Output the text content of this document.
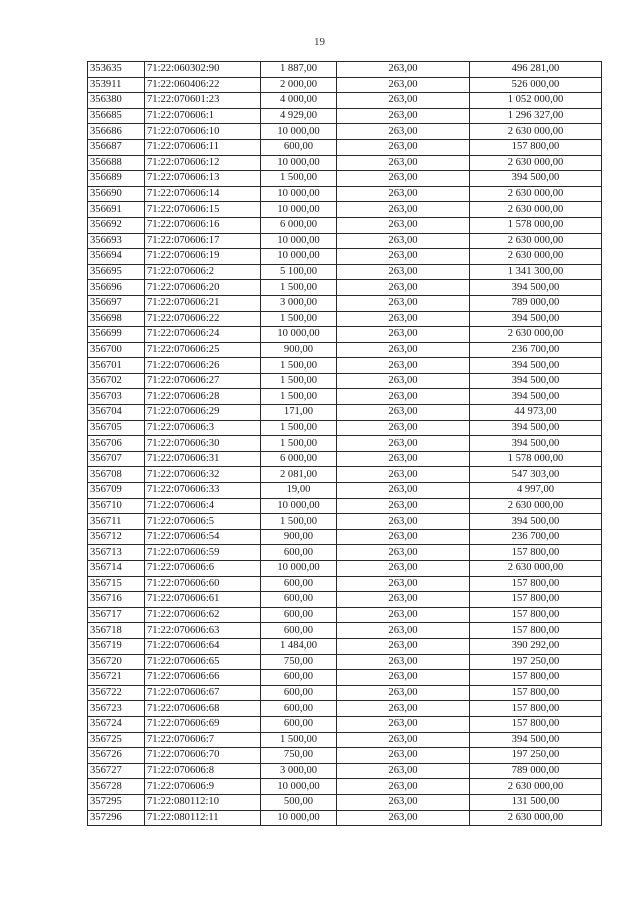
19
353635	71:22:060302:90	1 887,00	263,00	496 281,00
353911	71:22:060406:22	2 000,00	263,00	526 000,00
356380	71:22:070601:23	4 000,00	263,00	1 052 000,00
356685	71:22:070606:1	4 929,00	263,00	1 296 327,00
356686	71:22:070606:10	10 000,00	263,00	2 630 000,00
356687	71:22:070606:11	600,00	263,00	157 800,00
356688	71:22:070606:12	10 000,00	263,00	2 630 000,00
356689	71:22:070606:13	1 500,00	263,00	394 500,00
356690	71:22:070606:14	10 000,00	263,00	2 630 000,00
356691	71:22:070606:15	10 000,00	263,00	2 630 000,00
356692	71:22:070606:16	6 000,00	263,00	1 578 000,00
356693	71:22:070606:17	10 000,00	263,00	2 630 000,00
356694	71:22:070606:19	10 000,00	263,00	2 630 000,00
356695	71:22:070606:2	5 100,00	263,00	1 341 300,00
356696	71:22:070606:20	1 500,00	263,00	394 500,00
356697	71:22:070606:21	3 000,00	263,00	789 000,00
356698	71:22:070606:22	1 500,00	263,00	394 500,00
356699	71:22:070606:24	10 000,00	263,00	2 630 000,00
356700	71:22:070606:25	900,00	263,00	236 700,00
356701	71:22:070606:26	1 500,00	263,00	394 500,00
356702	71:22:070606:27	1 500,00	263,00	394 500,00
356703	71:22:070606:28	1 500,00	263,00	394 500,00
356704	71:22:070606:29	171,00	263,00	44 973,00
356705	71:22:070606:3	1 500,00	263,00	394 500,00
356706	71:22:070606:30	1 500,00	263,00	394 500,00
356707	71:22:070606:31	6 000,00	263,00	1 578 000,00
356708	71:22:070606:32	2 081,00	263,00	547 303,00
356709	71:22:070606:33	19,00	263,00	4 997,00
356710	71:22:070606:4	10 000,00	263,00	2 630 000,00
356711	71:22:070606:5	1 500,00	263,00	394 500,00
356712	71:22:070606:54	900,00	263,00	236 700,00
356713	71:22:070606:59	600,00	263,00	157 800,00
356714	71:22:070606:6	10 000,00	263,00	2 630 000,00
356715	71:22:070606:60	600,00	263,00	157 800,00
356716	71:22:070606:61	600,00	263,00	157 800,00
356717	71:22:070606:62	600,00	263,00	157 800,00
356718	71:22:070606:63	600,00	263,00	157 800,00
356719	71:22:070606:64	1 484,00	263,00	390 292,00
356720	71:22:070606:65	750,00	263,00	197 250,00
356721	71:22:070606:66	600,00	263,00	157 800,00
356722	71:22:070606:67	600,00	263,00	157 800,00
356723	71:22:070606:68	600,00	263,00	157 800,00
356724	71:22:070606:69	600,00	263,00	157 800,00
356725	71:22:070606:7	1 500,00	263,00	394 500,00
356726	71:22:070606:70	750,00	263,00	197 250,00
356727	71:22:070606:8	3 000,00	263,00	789 000,00
356728	71:22:070606:9	10 000,00	263,00	2 630 000,00
357295	71:22:080112:10	500,00	263,00	131 500,00
357296	71:22:080112:11	10 000,00	263,00	2 630 000,00
